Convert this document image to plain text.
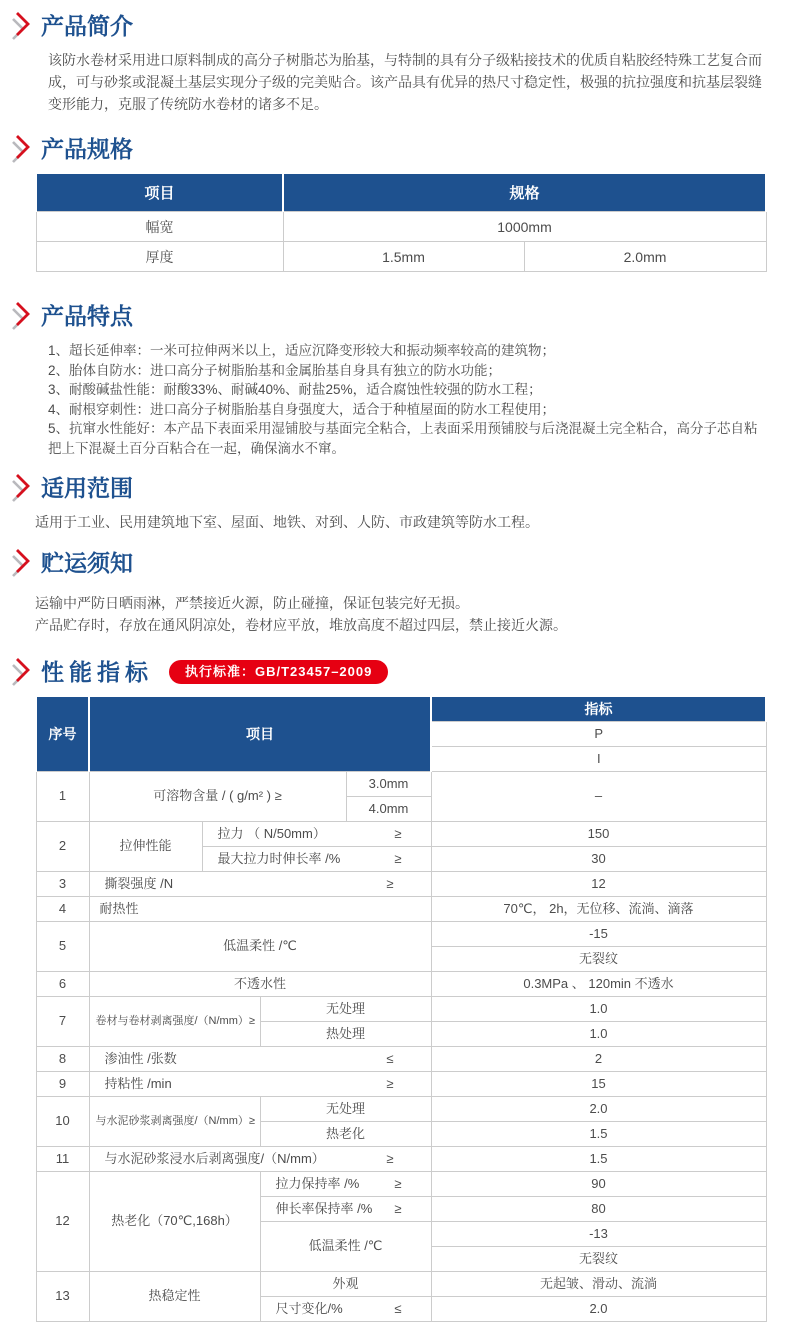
产品简介
该防水卷材采用进口原料制成的高分子树脂芯为胎基，与特制的具有分子级粘接技术的优质自粘胶经特殊工艺复合而成，可与砂浆或混凝土基层实现分子级的完美贴合。该产品具有优异的热尺寸稳定性，极强的抗拉强度和抗基层裂缝变形能力，克服了传统防水卷材的诸多不足。
产品规格
项目	规格	
幅宽	1000mm	
厚度	1.5mm	2.0mm
产品特点
1、超长延伸率：一米可拉伸两米以上，适应沉降变形较大和振动频率较高的建筑物；
2、胎体自防水：进口高分子树脂胎基和金属胎基自身具有独立的防水功能；
3、耐酸碱盐性能：耐酸33%、耐碱40%、耐盐25%，适合腐蚀性较强的防水工程；
4、耐根穿刺性：进口高分子树脂胎基自身强度大，适合于种植屋面的防水工程使用；
5、抗窜水性能好：本产品下表面采用湿铺胶与基面完全粘合，上表面采用预铺胶与后浇混凝土完全粘合，高分子芯自粘把上下混凝土百分百粘合在一起，确保滴水不窜。
适用范围
适用于工业、民用建筑地下室、屋面、地铁、对到、人防、市政建筑等防水工程。
贮运须知
运输中严防日晒雨淋，严禁接近火源，防止碰撞，保证包装完好无损。
产品贮存时，存放在通风阴凉处，卷材应平放，堆放高度不超过四层，禁止接近火源。
性能指标	执行标准：GB/T23457–2009
序号	项目				指标
					P
					I
1	可溶物含量 / ( g/m² ) ≥			3.0mm	–
				4.0mm	
2	拉伸性能	拉力 （ N/50mm） ≥			150

		最大拉力时伸长率 /% ≥			30
3	撕裂强度 /N ≥				12
4	耐热性				70℃， 2h，无位移、流淌、滴落
5	低温柔性 /℃				-15
					无裂纹
6	不透水性				0.3MPa 、 120min 不透水
7	卷材与卷材剥离强度/（N/mm）≥		无处理		1.0
			热处理		1.0
8	渗油性 /张数 ≤				2
9	持粘性 /min ≥				15
10	与水泥砂浆剥离强度/（N/mm）≥		无处理		2.0
			热老化		1.5
11	与水泥砂浆浸水后剥离强度/（N/mm） ≥				1.5
12	热老化（70℃,168h）		拉力保持率 /% ≥		90

			伸长率保持率 /% ≥		80
			低温柔性 /℃		-13
					无裂纹
13	热稳定性		外观		无起皱、滑动、流淌

			尺寸变化/% ≤		2.0
